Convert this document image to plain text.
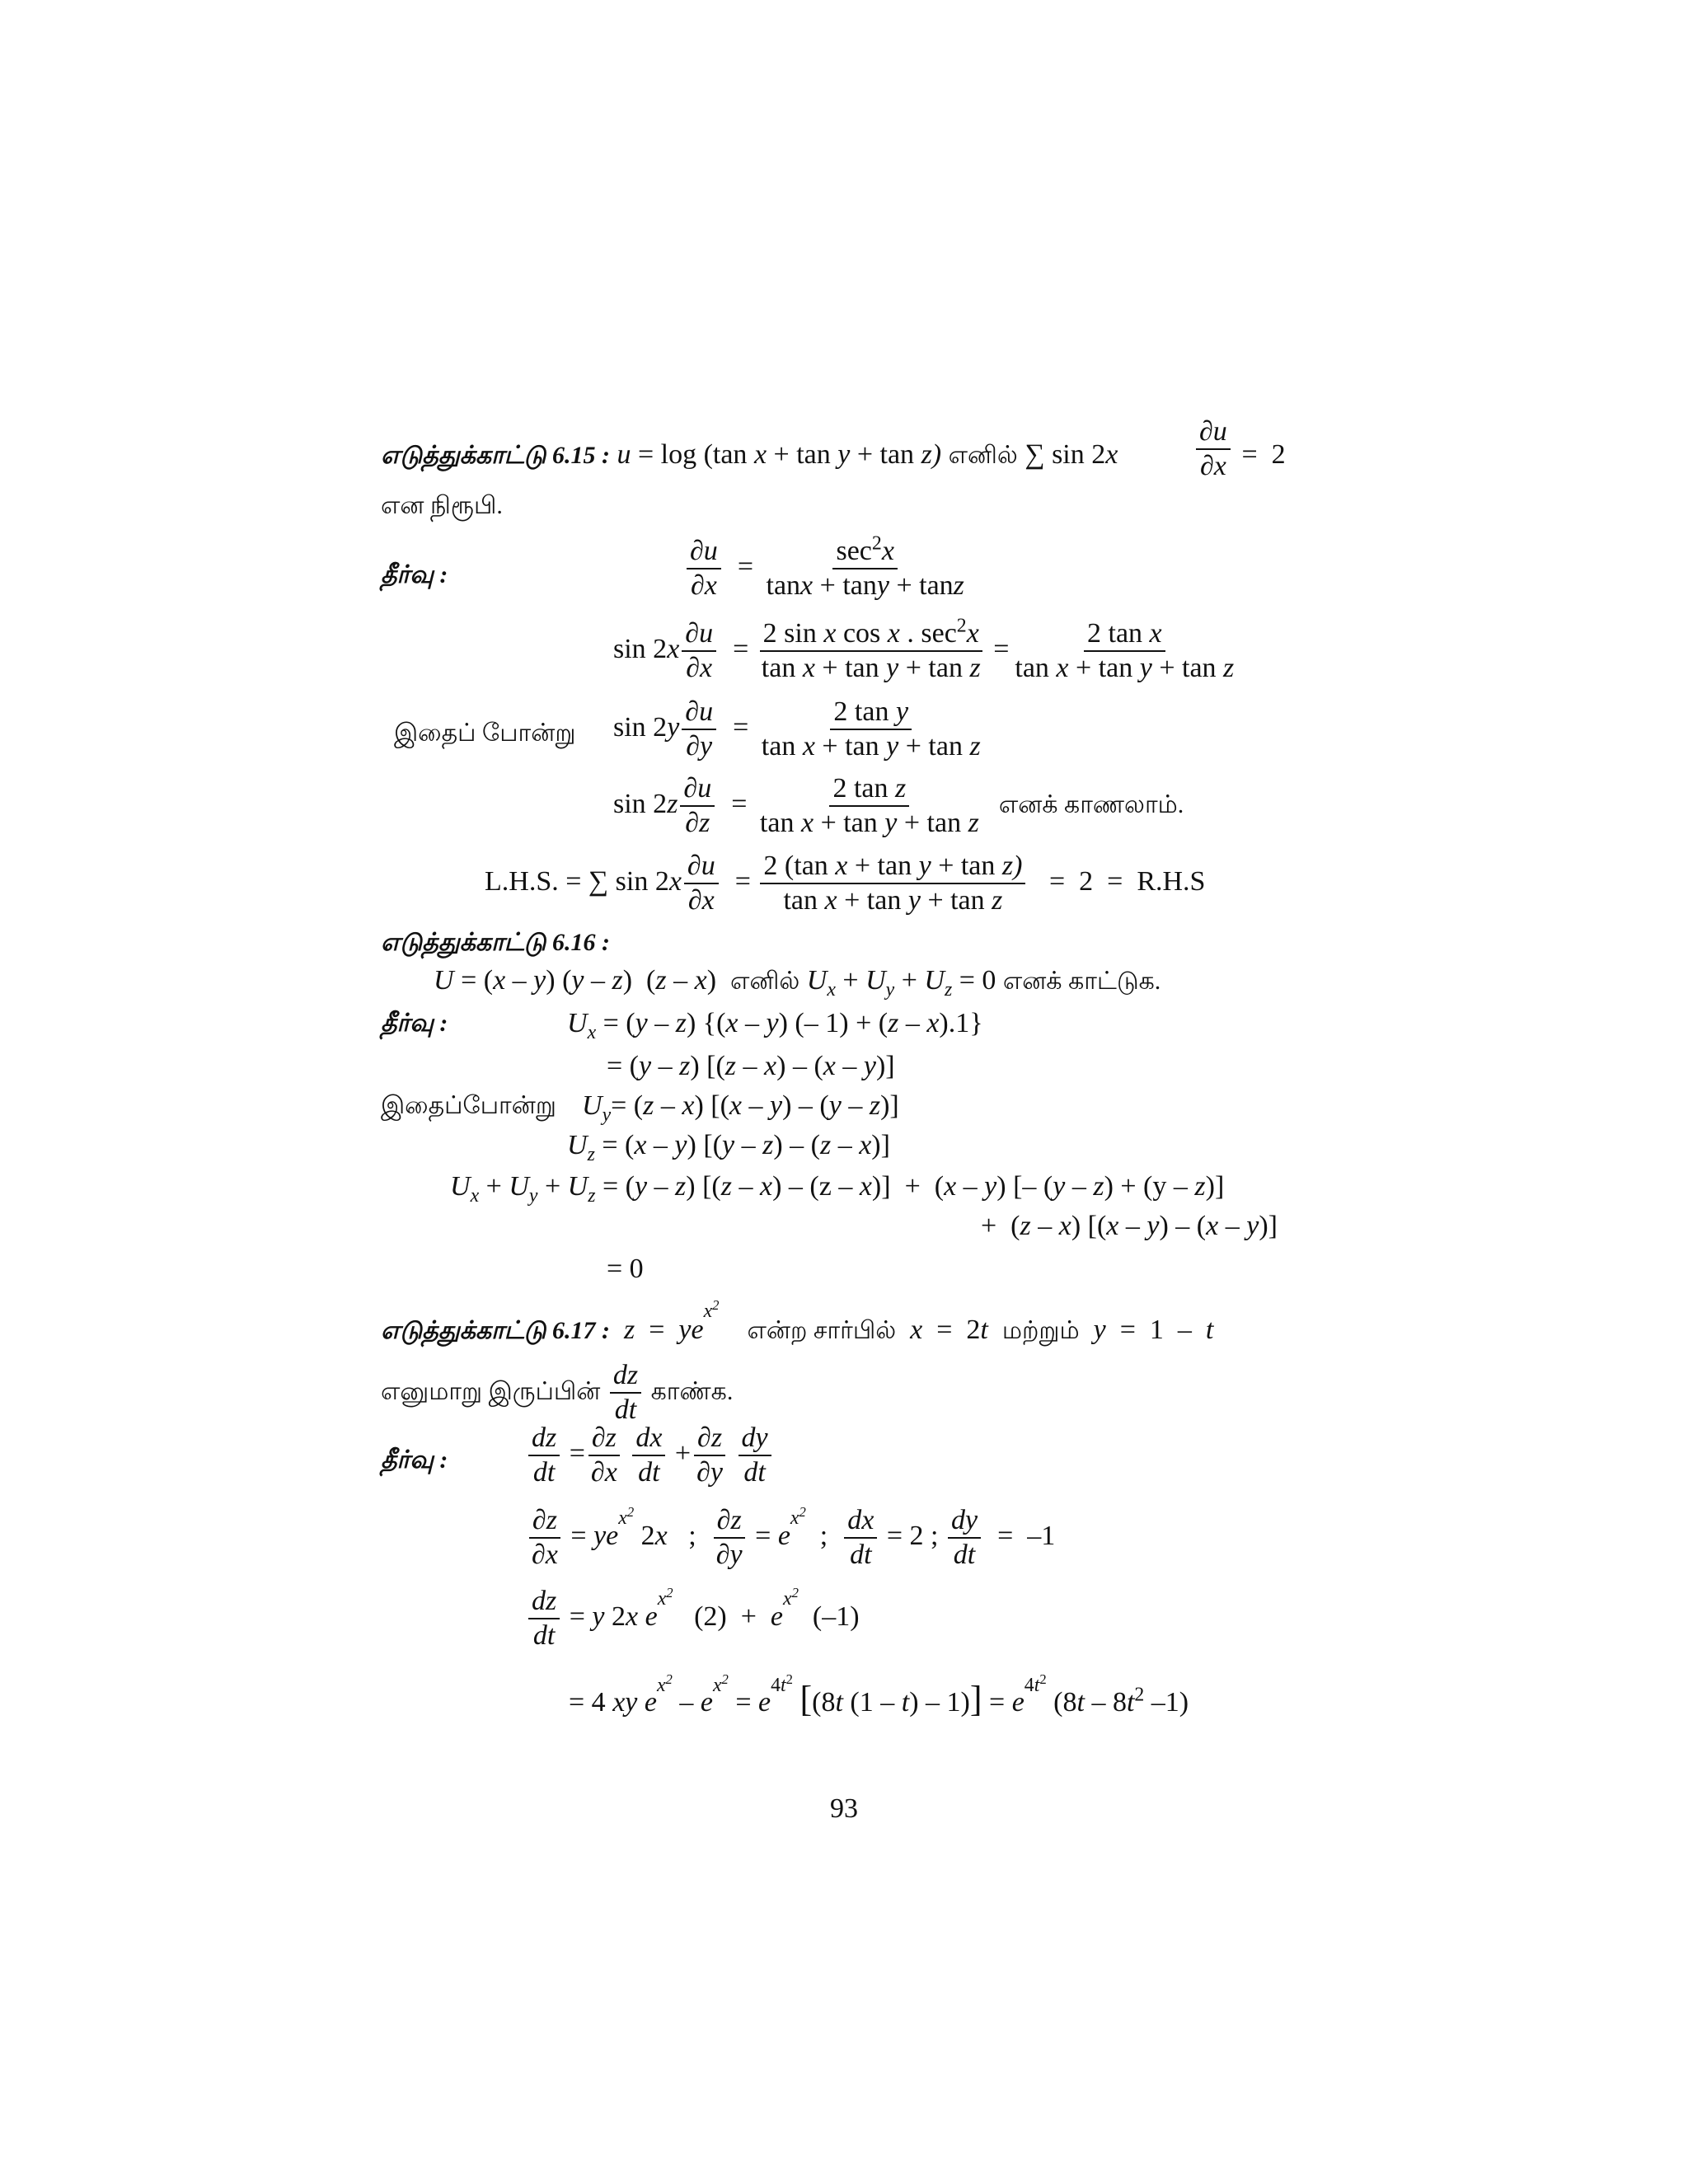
எடுத்துக்காட்டு 6.15 : u = log (tan x + tan y + tan z) எனில் ∑ sin 2x	$\frac{\partial u}{\partial x} = 2$
என நிரூபி.
தீர்வு :	$\frac{\partial u}{\partial x} = \frac{\sec^2x}{\tan x + \tan y + \tan z}$
$\sin 2x \frac{\partial u}{\partial x} = \frac{2 \sin x \cos x . \sec^2x}{\text{tan x + tan y + tan z}} = \frac{\text{2 tan x}}{\text{tan x + tan y + tan z}}$
இதைப் போன்று $\sin 2y \frac{\partial u}{\partial y} = \frac{\text{2 tan y}}{\text{tan x + tan y + tan z}}$
$\sin 2z \frac{\partial u}{\partial z} = \frac{\text{2 tan z}}{\text{tan x + tan y + tan z}}$ எனக் காணலாம்.
L.H.S. = ∑ $\sin 2x \frac{\partial u}{\partial x} = \frac{\text{2 (tan x + tan y + tan z)}}{\text{tan x + tan y + tan z}} = 2 = R.H.S$
எடுத்துக்காட்டு 6.16 :
U = (x – y) (y – z)  (z – x)  எனில் $U_x + U_y + U_z = 0$ எனக் காட்டுக.
தீர்வு :	$U_x = (y - z)$ {(x – y) (– 1) + (z – x).1}
= (y – z) [(z – x) – (x – y)]
இதைப்போன்று $U_y= (z - x)$ [(x – y) – (y – z)]
$U_z = (x - y)$ [(y – z) – (z – x)]
$U_x + U_y + U_z = (y - z)$ [(z – x) – (z – x)]  +  (x – y) [– (y – z) + (y – z)]
+  (z – x) [(x – y) – (x – y)]
= 0
எடுத்துக்காட்டு 6.17 : $z = ye^{x^2}$    என்ற சார்பில் x  =  2t மற்றும் y  =  1  –  t
எனுமாறு இருப்பின் $\frac{dz}{dt}$ காண்க.
தீர்வு :	$\frac{dz}{dt} = \frac{\partial z}{\partial x}$
$\frac{dx}{dt} + \frac{\partial z}{\partial y}$
$\frac{dy}{dt}$
$\frac{\partial z}{\partial x} = ye^{x^2}$ 2x   ; $\frac{\partial z}{\partial y} = e^{x^2}$  ; $\frac{dx}{dt} = 2$ ; $\frac{dy}{dt} = -1$
$\frac{dz}{dt} = y$ 2x $e^{x^2}$   $(2) + e^{x^2}$  (–1)
= 4 xy $e^{x^2} - e^{x^2} = e^{4t^2}$ [(8t $(1 - t) - 1)] = e^{4t^2}$ ($8t - 8t^2$ –1)
93
